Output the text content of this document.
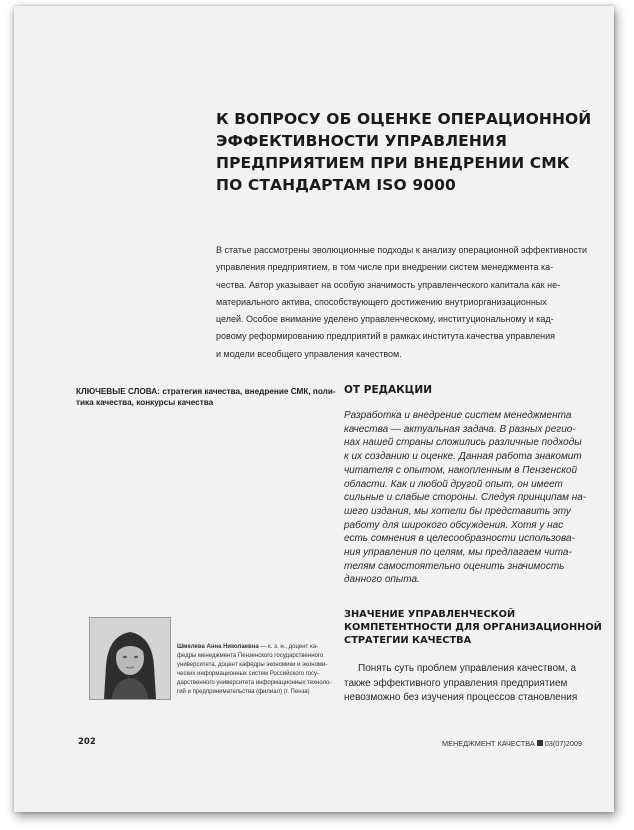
К ВОПРОСУ ОБ ОЦЕНКЕ ОПЕРАЦИОННОЙ
ЭФФЕКТИВНОСТИ УПРАВЛЕНИЯ
ПРЕДПРИЯТИЕМ ПРИ ВНЕДРЕНИИ СМК
ПО СТАНДАРТАМ ISO 9000
В статье рассмотрены эволюционные подходы к анализу операционной эффективности
управления предприятием, в том числе при внедрении систем менеджмента ка-
чества. Автор указывает на особую значимость управленческого капитала как не-
материального актива, способствующего достижению внутриорганизационных
целей. Особое внимание уделено управленческому, институциональному и кад-
ровому реформированию предприятий в рамках института качества управления
и модели всеобщего управления качеством.
КЛЮЧЕВЫЕ СЛОВА: стратегия качества, внедрение СМК, поли-
тика качества, конкурсы качества
ОТ РЕДАКЦИИ
Разработка и внедрение систем менеджмента
качества — актуальная задача. В разных регио-
нах нашей страны сложились различные подходы
к их созданию и оценке. Данная работа знакомит
читателя с опытом, накопленным в Пензенской
области. Как и любой другой опыт, он имеет
сильные и слабые стороны. Следуя принципам на-
шего издания, мы хотели бы представить эту
работу для широкого обсуждения. Хотя у нас
есть сомнения в целесообразности использова-
ния управления по целям, мы предлагаем чита-
телям самостоятельно оценить значимость
данного опыта.
ЗНАЧЕНИЕ УПРАВЛЕНЧЕСКОЙ
КОМПЕТЕНТНОСТИ ДЛЯ ОРГАНИЗАЦИОННОЙ
СТРАТЕГИИ КАЧЕСТВА
Понять суть проблем управления качеством, а
также эффективного управления предприятием
невозможно без изучения процессов становления
Шмелева Анна Николаевна — к. э. н., доцент ка-
федры менеджмента Пензенского государственного
университета, доцент кафедры экономики и экономи-
ческих информационных систем Российского госу-
дарственного университета информационных техноло-
гий и предпринимательства (филиал) (г. Пенза)
202	МЕНЕДЖМЕНТ КАЧЕСТВА 03(07)2009
